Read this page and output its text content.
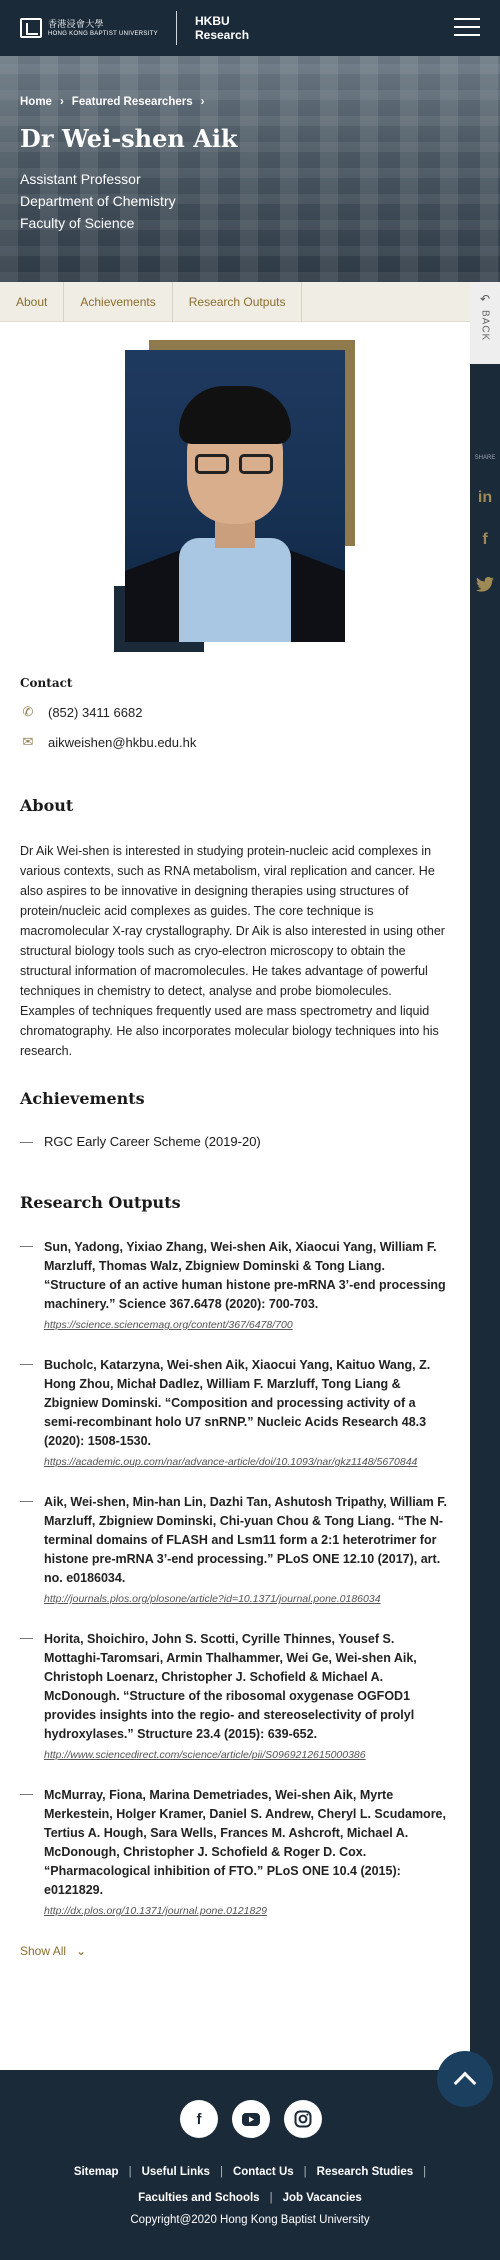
香港浸會大學
HONG KONG BAPTIST UNIVERSITY
HKBU
Research
Home › Featured Researchers ›
Dr Wei-shen Aik
Assistant Professor
Department of Chemistry
Faculty of Science
About	Achievements	Research Outputs	↶
BACK
SHARE
in
f
Contact
✆ (852) 3411 6682
✉ aikweishen@hkbu.edu.hk
About
Dr Aik Wei-shen is interested in studying protein-nucleic acid complexes in various contexts, such as RNA metabolism, viral replication and cancer. He also aspires to be innovative in designing therapies using structures of protein/nucleic acid complexes as guides. The core technique is macromolecular X-ray crystallography. Dr Aik is also interested in using other structural biology tools such as cryo-electron microscopy to obtain the structural information of macromolecules. He takes advantage of powerful techniques in chemistry to detect, analyse and probe biomolecules. Examples of techniques frequently used are mass spectrometry and liquid chromatography. He also incorporates molecular biology techniques into his research.
Achievements
— RGC Early Career Scheme (2019-20)
Research Outputs
— Sun, Yadong, Yixiao Zhang, Wei-shen Aik, Xiaocui Yang, William F. Marzluff, Thomas Walz, Zbigniew Dominski & Tong Liang. “Structure of an active human histone pre-mRNA 3’-end processing machinery.” Science 367.6478 (2020): 700-703.
https://science.sciencemag.org/content/367/6478/700
— Bucholc, Katarzyna, Wei-shen Aik, Xiaocui Yang, Kaituo Wang, Z. Hong Zhou, Michał Dadlez, William F. Marzluff, Tong Liang & Zbigniew Dominski. “Composition and processing activity of a semi-recombinant holo U7 snRNP.” Nucleic Acids Research 48.3 (2020): 1508-1530.
https://academic.oup.com/nar/advance-article/doi/10.1093/nar/gkz1148/5670844
— Aik, Wei-shen, Min-han Lin, Dazhi Tan, Ashutosh Tripathy, William F. Marzluff, Zbigniew Dominski, Chi-yuan Chou & Tong Liang. “The N-terminal domains of FLASH and Lsm11 form a 2:1 heterotrimer for histone pre-mRNA 3’-end processing.” PLoS ONE 12.10 (2017), art. no. e0186034.
http://journals.plos.org/plosone/article?id=10.1371/journal.pone.0186034
— Horita, Shoichiro, John S. Scotti, Cyrille Thinnes, Yousef S. Mottaghi-Taromsari, Armin Thalhammer, Wei Ge, Wei-shen Aik, Christoph Loenarz, Christopher J. Schofield & Michael A. McDonough. “Structure of the ribosomal oxygenase OGFOD1 provides insights into the regio- and stereoselectivity of prolyl hydroxylases.” Structure 23.4 (2015): 639-652.
http://www.sciencedirect.com/science/article/pii/S0969212615000386
— McMurray, Fiona, Marina Demetriades, Wei-shen Aik, Myrte Merkestein, Holger Kramer, Daniel S. Andrew, Cheryl L. Scudamore, Tertius A. Hough, Sara Wells, Frances M. Ashcroft, Michael A. McDonough, Christopher J. Schofield & Roger D. Cox. “Pharmacological inhibition of FTO.” PLoS ONE 10.4 (2015): e0121829.
http://dx.plos.org/10.1371/journal.pone.0121829
Show All ⌄
f
Sitemap | Useful Links | Contact Us | Research Studies |
Faculties and Schools | Job Vacancies
Copyright@2020 Hong Kong Baptist University
